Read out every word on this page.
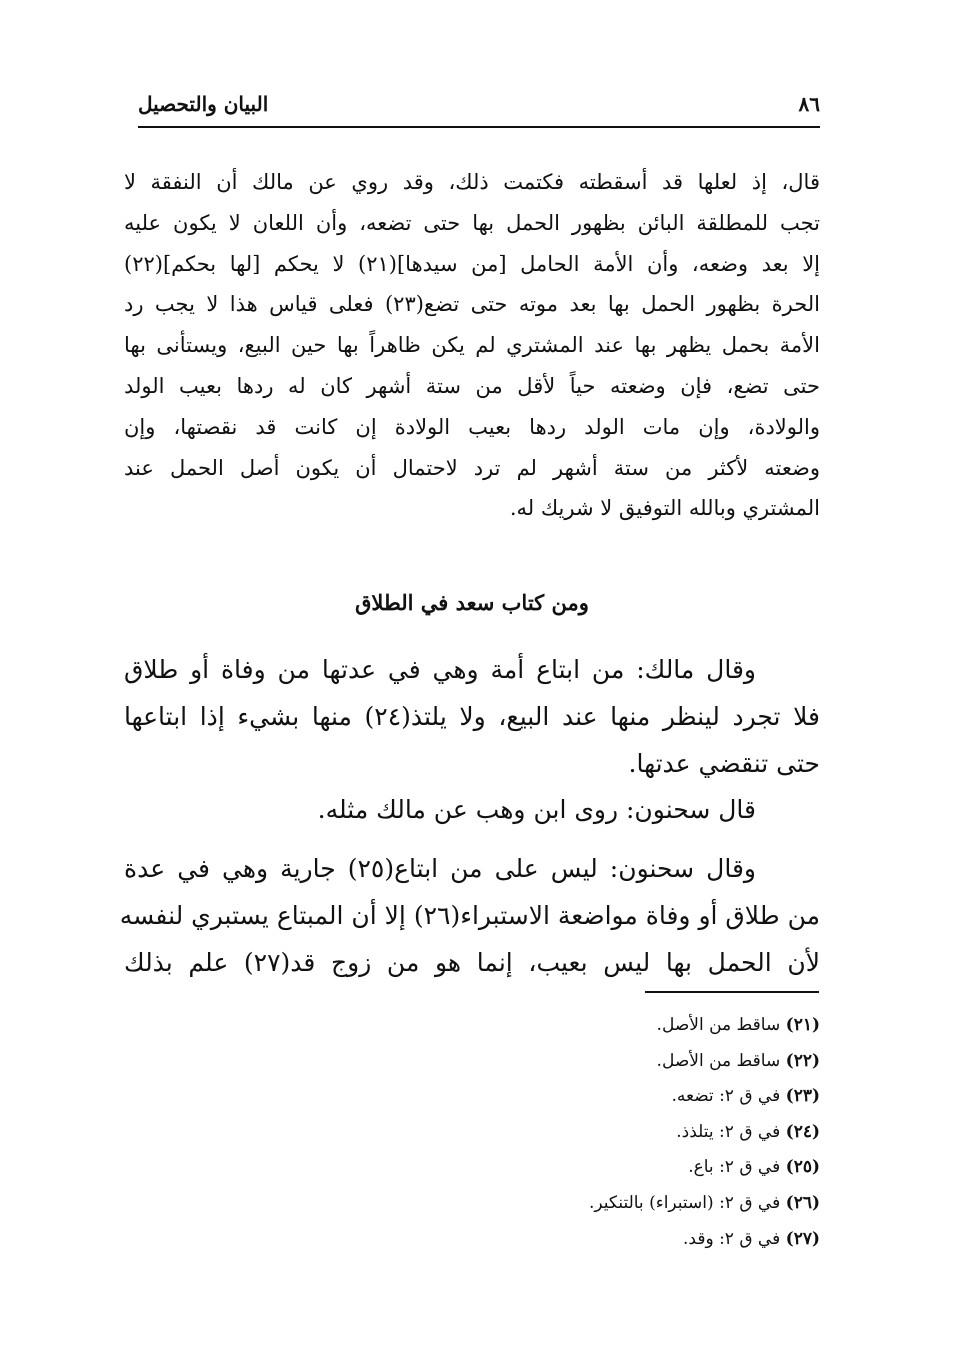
البيان والتحصيل	٨٦
قال، إذ لعلها قد أسقطته فكتمت ذلك، وقد روي عن مالك أن النفقة لا
تجب للمطلقة البائن بظهور الحمل بها حتى تضعه، وأن اللعان لا يكون عليه
إلا بعد وضعه، وأن الأمة الحامل [من سيدها](٢١) لا يحكم [لها بحكم](٢٢)
الحرة بظهور الحمل بها بعد موته حتى تضع(٢٣) فعلى قياس هذا لا يجب رد
الأمة بحمل يظهر بها عند المشتري لم يكن ظاهراً بها حين البيع، ويستأنى بها
حتى تضع، فإن وضعته حياً لأقل من ستة أشهر كان له ردها بعيب الولد
والولادة، وإن مات الولد ردها بعيب الولادة إن كانت قد نقصتها، وإن
وضعته لأكثر من ستة أشهر لم ترد لاحتمال أن يكون أصل الحمل عند
المشتري وبالله التوفيق لا شريك له.
ومن كتاب سعد في الطلاق
وقال مالك: من ابتاع أمة وهي في عدتها من وفاة أو طلاق
فلا تجرد لينظر منها عند البيع، ولا يلتذ(٢٤) منها بشيء إذا ابتاعها
حتى تنقضي عدتها.
قال سحنون: روى ابن وهب عن مالك مثله.
وقال سحنون: ليس على من ابتاع(٢٥) جارية وهي في عدة
من طلاق أو وفاة مواضعة الاستبراء(٢٦) إلا أن المبتاع يستبري لنفسه
لأن الحمل بها ليس بعيب، إنما هو من زوج قد(٢٧) علم بذلك
(٢١) ساقط من الأصل.
(٢٢) ساقط من الأصل.
(٢٣) في ق ٢: تضعه.
(٢٤) في ق ٢: يتلذذ.
(٢٥) في ق ٢: باع.
(٢٦) في ق ٢: (استبراء) بالتنكير.
(٢٧) في ق ٢: وقد.
